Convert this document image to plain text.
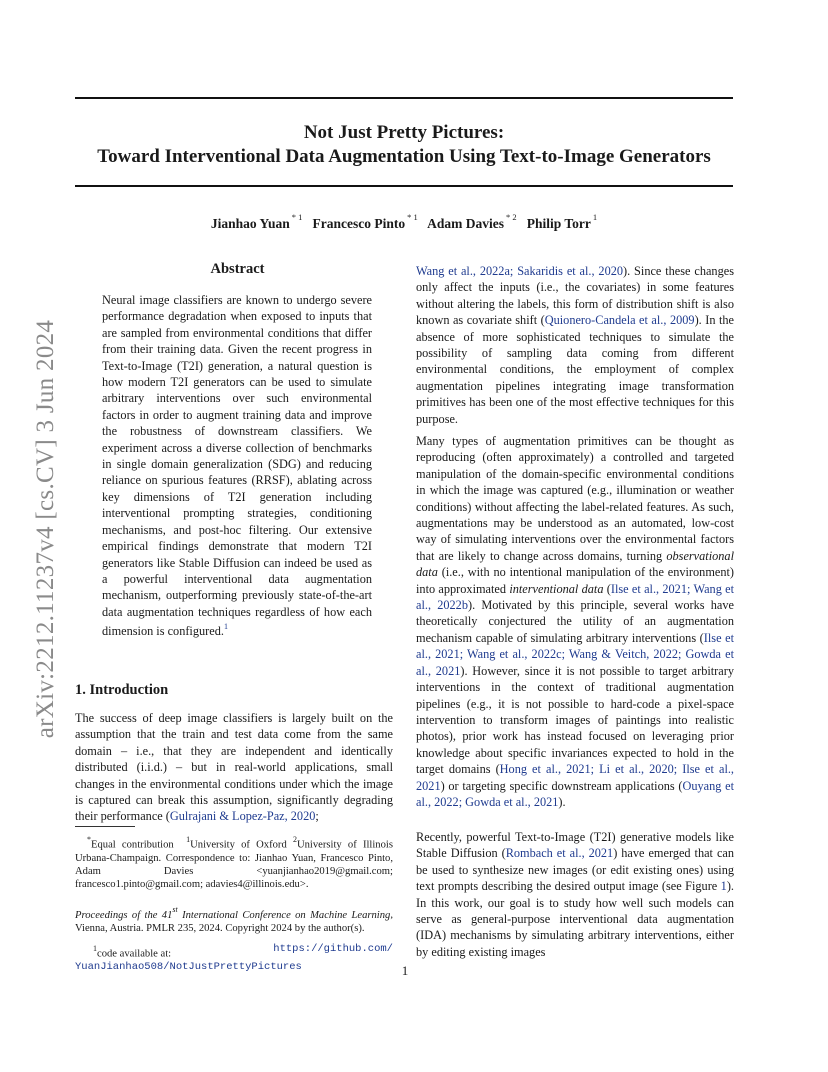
arXiv:2212.11237v4 [cs.CV] 3 Jun 2024
Not Just Pretty Pictures:
Toward Interventional Data Augmentation Using Text-to-Image Generators
Jianhao Yuan $^{* 1}$ Francesco Pinto $^{* 1}$ Adam Davies $^{* 2}$ Philip Torr $^1$
Abstract
Neural image classifiers are known to undergo severe performance degradation when exposed to inputs that are sampled from environmental conditions that differ from their training data. Given the recent progress in Text-to-Image (T2I) generation, a natural question is how modern T2I generators can be used to simulate arbitrary interventions over such environmental factors in order to augment training data and improve the robustness of downstream classifiers. We experiment across a diverse collection of benchmarks in single domain generalization (SDG) and reducing reliance on spurious features (RRSF), ablating across key dimensions of T2I generation including interventional prompting strategies, conditioning mechanisms, and post-hoc filtering. Our extensive empirical findings demonstrate that modern T2I generators like Stable Diffusion can indeed be used as a powerful interventional data augmentation mechanism, outperforming previously state-of-the-art data augmentation techniques regardless of how each dimension is configured.$^1$
1. Introduction
The success of deep image classifiers is largely built on the assumption that the train and test data come from the same domain – i.e., that they are independent and identically distributed (i.i.d.) – but in real-world applications, small changes in the environmental conditions under which the image is captured can break this assumption, significantly degrading their performance (Gulrajani & Lopez-Paz, 2020;
*Equal contribution  $^1$University of Oxford $^2$University of Illinois Urbana-Champaign. Correspondence to: Jianhao Yuan, Francesco Pinto, Adam Davies <yuanjianhao2019@gmail.com; francesco1.pinto@gmail.com; adavies4@illinois.edu>.
Proceedings of the 41st International Conference on Machine Learning, Vienna, Austria. PMLR 235, 2024. Copyright 2024 by the author(s).
$^1$code available at:	https://github.com/
YuanJianhao508/NotJustPrettyPictures
Wang et al., 2022a; Sakaridis et al., 2020). Since these changes only affect the inputs (i.e., the covariates) in some features without altering the labels, this form of distribution shift is also known as covariate shift (Quionero-Candela et al., 2009). In the absence of more sophisticated techniques to simulate the possibility of sampling data coming from different environmental conditions, the employment of complex augmentation pipelines integrating image transformation primitives has been one of the most effective techniques for this purpose.
Many types of augmentation primitives can be thought as reproducing (often approximately) a controlled and targeted manipulation of the domain-specific environmental conditions in which the image was captured (e.g., illumination or weather conditions) without affecting the label-related features. As such, augmentations may be understood as an automated, low-cost way of simulating interventions over the environmental factors that are likely to change across domains, turning observational data (i.e., with no intentional manipulation of the environment) into approximated interventional data (Ilse et al., 2021; Wang et al., 2022b). Motivated by this principle, several works have theoretically conjectured the utility of an augmentation mechanism capable of simulating arbitrary interventions (Ilse et al., 2021; Wang et al., 2022c; Wang & Veitch, 2022; Gowda et al., 2021). However, since it is not possible to target arbitrary interventions in the context of traditional augmentation pipelines (e.g., it is not possible to hard-code a pixel-space intervention to transform images of paintings into realistic photos), prior work has instead focused on leveraging prior knowledge about specific invariances expected to hold in the target domains (Hong et al., 2021; Li et al., 2020; Ilse et al., 2021) or targeting specific downstream applications (Ouyang et al., 2022; Gowda et al., 2021).
Recently, powerful Text-to-Image (T2I) generative models like Stable Diffusion (Rombach et al., 2021) have emerged that can be used to synthesize new images (or edit existing ones) using text prompts describing the desired output image (see Figure 1). In this work, our goal is to study how well such models can serve as general-purpose interventional data augmentation (IDA) mechanisms by simulating arbitrary interventions, either by editing existing images
1
